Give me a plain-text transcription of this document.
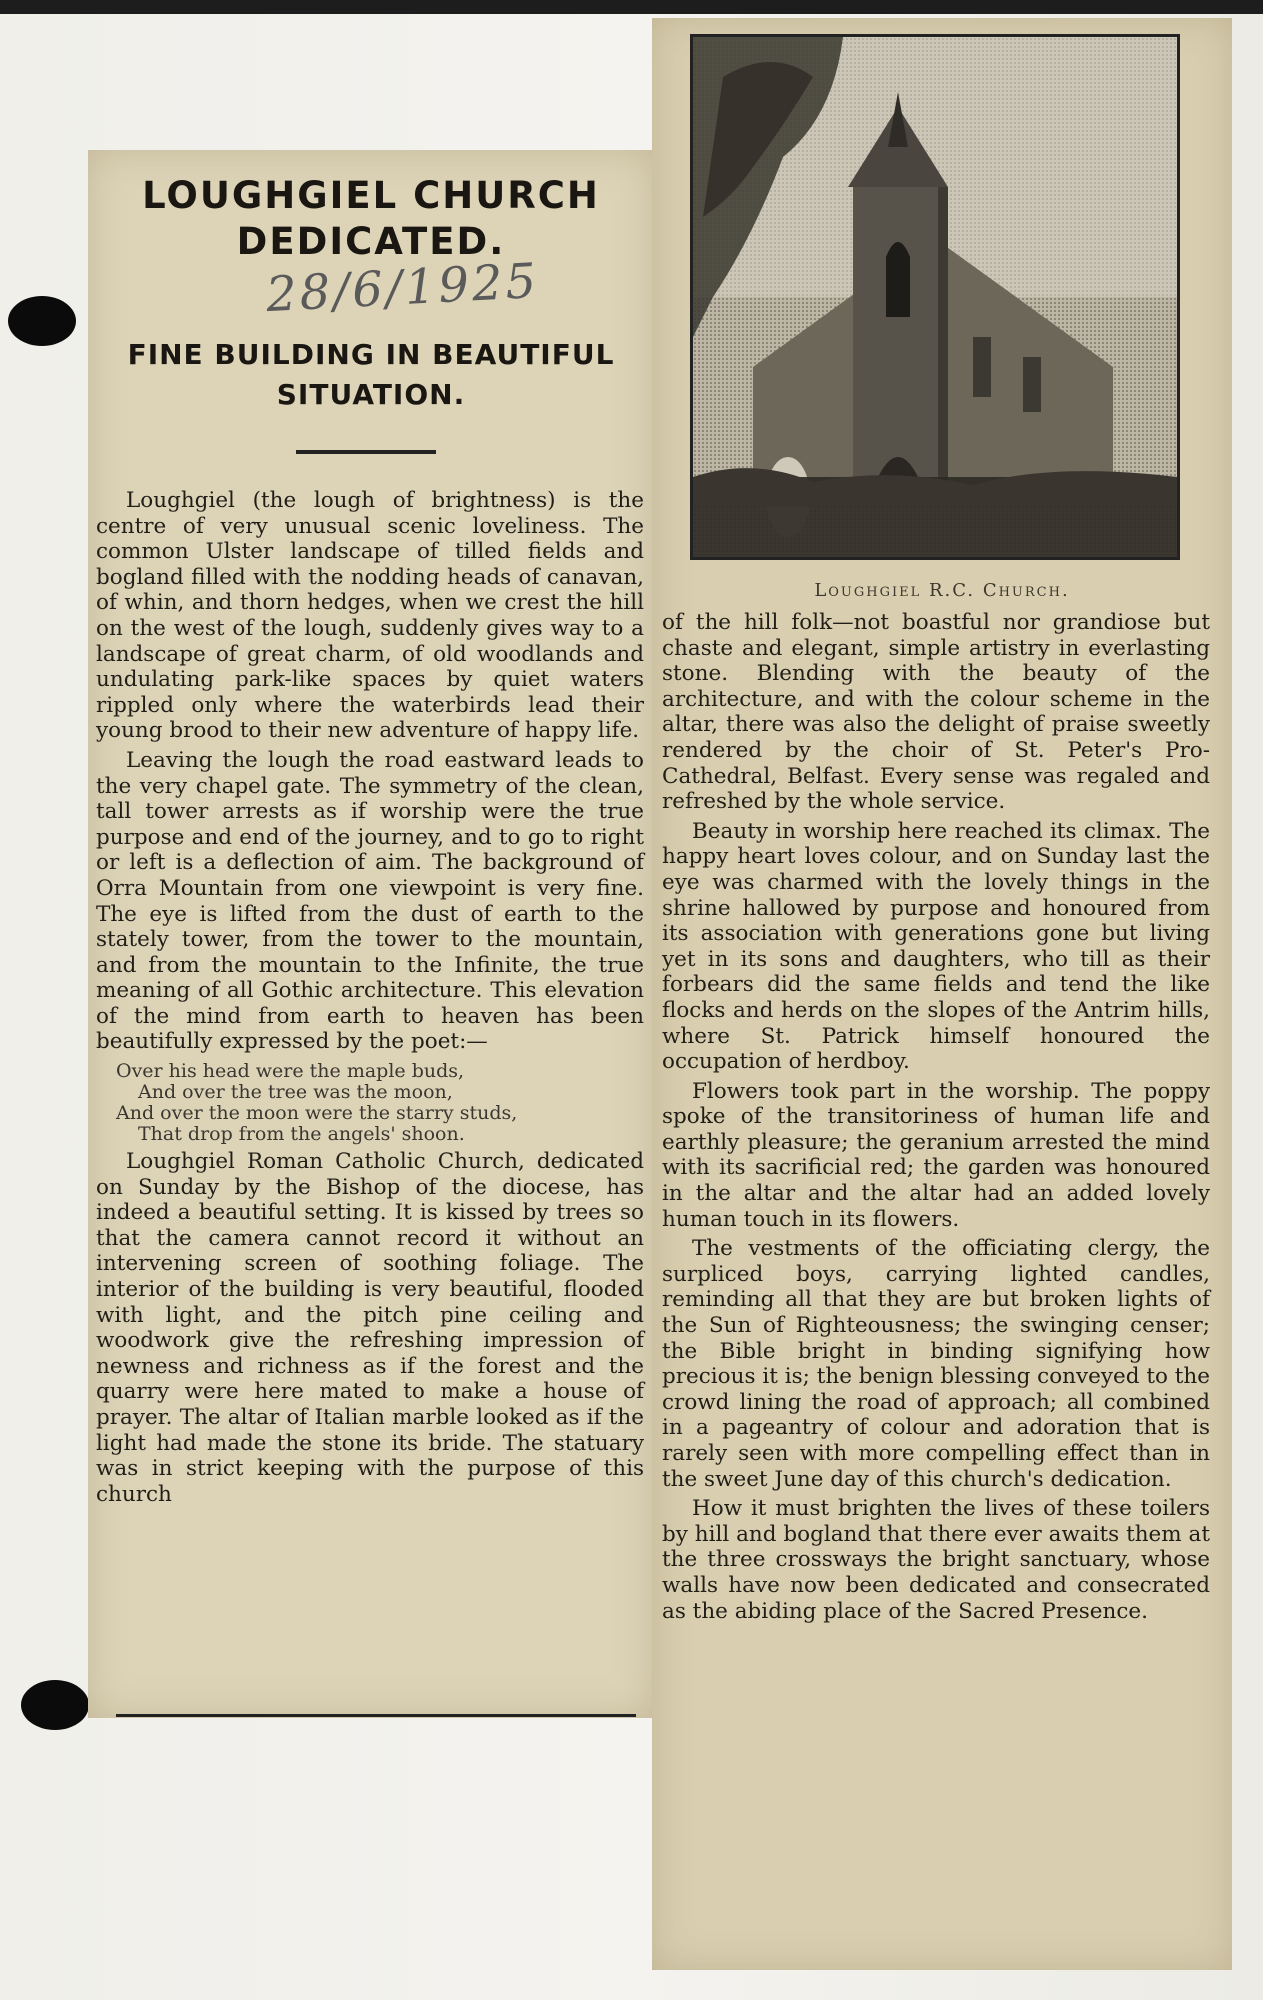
LOUGHGIEL CHURCH
DEDICATED.
28/6/1925
FINE BUILDING IN BEAUTIFUL
SITUATION.

Loughgiel (the lough of brightness) is the centre of very unusual scenic loveliness. The common Ulster landscape of tilled fields and bogland filled with the nodding heads of canavan, of whin, and thorn hedges, when we crest the hill on the west of the lough, suddenly gives way to a landscape of great charm, of old woodlands and undulating park-like spaces by quiet waters rippled only where the waterbirds lead their young brood to their new adventure of happy life.

Leaving the lough the road eastward leads to the very chapel gate. The symmetry of the clean, tall tower arrests as if worship were the true purpose and end of the journey, and to go to right or left is a deflection of aim. The background of Orra Mountain from one viewpoint is very fine. The eye is lifted from the dust of earth to the stately tower, from the tower to the mountain, and from the mountain to the Infinite, the true meaning of all Gothic architecture. This elevation of the mind from earth to heaven has been beautifully expressed by the poet:—

Over his head were the maple buds,
And over the tree was the moon,
And over the moon were the starry studs,
That drop from the angels' shoon.

Loughgiel Roman Catholic Church, dedicated on Sunday by the Bishop of the diocese, has indeed a beautiful setting. It is kissed by trees so that the camera cannot record it without an intervening screen of soothing foliage. The interior of the building is very beautiful, flooded with light, and the pitch pine ceiling and woodwork give the refreshing impression of newness and richness as if the forest and the quarry were here mated to make a house of prayer. The altar of Italian marble looked as if the light had made the stone its bride. The statuary was in strict keeping with the purpose of this church

Loughgiel R.C. Church.

of the hill folk—not boastful nor grandiose but chaste and elegant, simple artistry in everlasting stone. Blending with the beauty of the architecture, and with the colour scheme in the altar, there was also the delight of praise sweetly rendered by the choir of St. Peter's Pro-Cathedral, Belfast. Every sense was regaled and refreshed by the whole service.

Beauty in worship here reached its climax. The happy heart loves colour, and on Sunday last the eye was charmed with the lovely things in the shrine hallowed by purpose and honoured from its association with generations gone but living yet in its sons and daughters, who till as their forbears did the same fields and tend the like flocks and herds on the slopes of the Antrim hills, where St. Patrick himself honoured the occupation of herdboy.

Flowers took part in the worship. The poppy spoke of the transitoriness of human life and earthly pleasure; the geranium arrested the mind with its sacrificial red; the garden was honoured in the altar and the altar had an added lovely human touch in its flowers.

The vestments of the officiating clergy, the surpliced boys, carrying lighted candles, reminding all that they are but broken lights of the Sun of Righteousness; the swinging censer; the Bible bright in binding signifying how precious it is; the benign blessing conveyed to the crowd lining the road of approach; all combined in a pageantry of colour and adoration that is rarely seen with more compelling effect than in the sweet June day of this church's dedication.

How it must brighten the lives of these toilers by hill and bogland that there ever awaits them at the three crossways the bright sanctuary, whose walls have now been dedicated and consecrated as the abiding place of the Sacred Presence.
